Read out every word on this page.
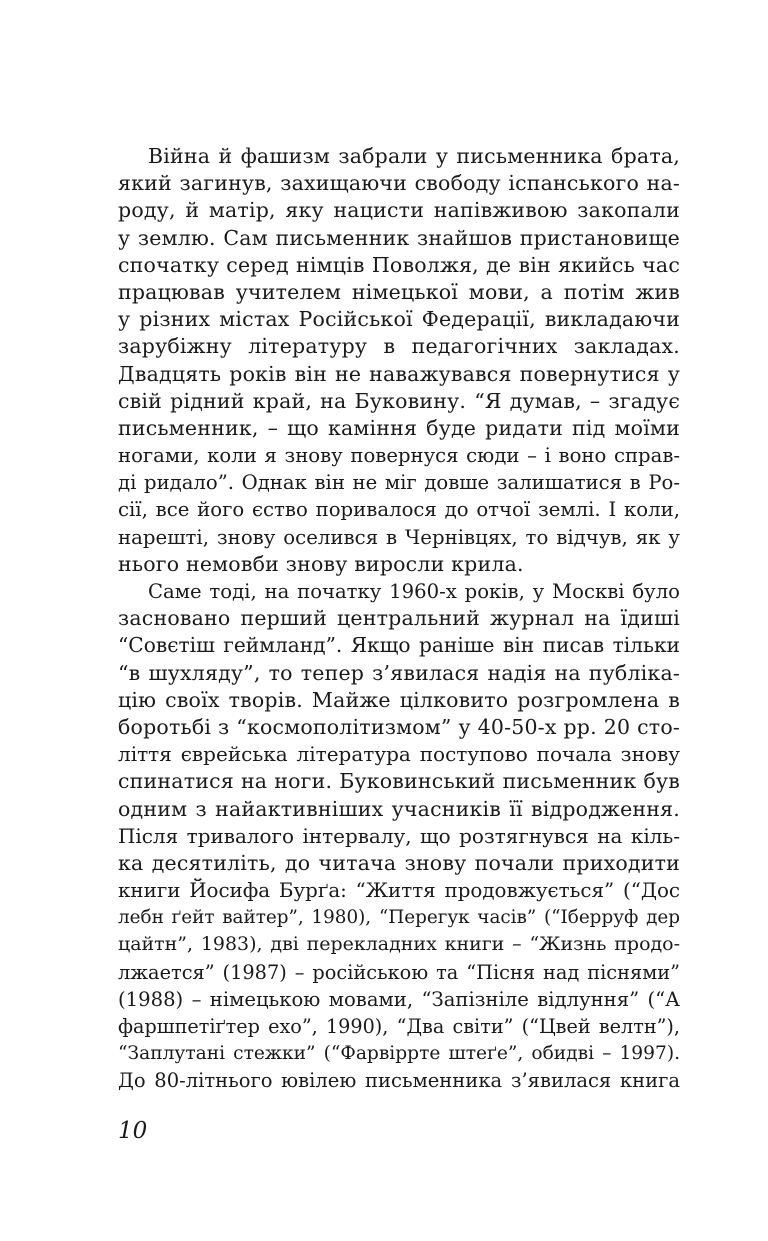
Війна й фашизм забрали у письменника брата,
який загинув, захищаючи свободу іспанського на-
роду, й матір, яку нацисти напівживою закопали
у землю. Сам письменник знайшов пристановище
спочатку серед німців Поволжя, де він якийсь час
працював учителем німецької мови, а потім жив
у різних містах Російської Федерації, викладаючи
зарубіжну літературу в педагогічних закладах.
Двадцять років він не наважувався повернутися у
свій рідний край, на Буковину. “Я думав, – згадує
письменник, – що каміння буде ридати під моїми
ногами, коли я знову повернуся сюди – і воно справ-
ді ридало”. Однак він не міг довше залишатися в Ро-
сії, все його єство поривалося до отчої землі. І коли,
нарешті, знову оселився в Чернівцях, то відчув, як у
нього немовби знову виросли крила.
Саме тоді, на початку 1960-х років, у Москві було
засновано перший центральний журнал на їдиші
“Совєтіш геймланд”. Якщо раніше він писав тільки
“в шухляду”, то тепер з’явилася надія на публіка-
цію своїх творів. Майже цілковито розгромлена в
боротьбі з “космополітизмом” у 40-50-х рр. 20 сто-
ліття єврейська література поступово почала знову
спинатися на ноги. Буковинський письменник був
одним з найактивніших учасників її відродження.
Після тривалого інтервалу, що розтягнувся на кіль-
ка десятиліть, до читача знову почали приходити
книги Йосифа Бурґа: “Життя продовжується” (“Дос
лебн ґейт вайтер”, 1980), “Перегук часів” (“Іберруф дер
цайтн”, 1983), дві перекладних книги – “Жизнь продо-
лжается” (1987) – російською та “Пісня над піснями”
(1988) – німецькою мовами, “Запізніле відлуння” (“А
фаршпетіґтер ехо”, 1990), “Два світи” (“Цвей велтн”),
“Заплутані стежки” (“Фарвіррте штеґе”, обидві – 1997).
До 80-літнього ювілею письменника з’явилася книга
10
